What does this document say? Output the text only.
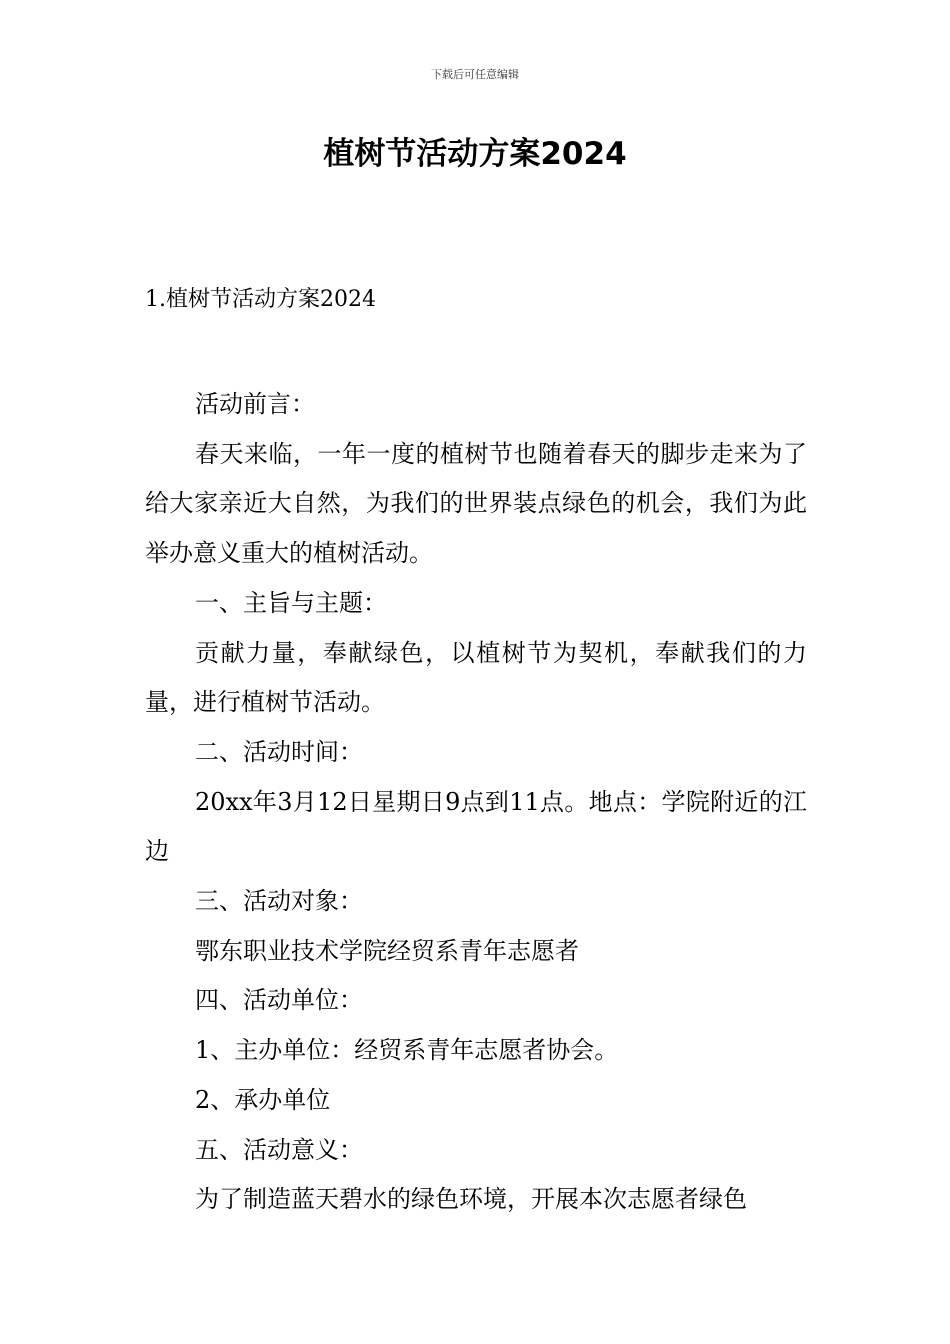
下载后可任意编辑
植树节活动方案2024
1.植树节活动方案2024

活动前言：

春天来临，一年一度的植树节也随着春天的脚步走来为了给大家亲近大自然，为我们的世界装点绿色的机会，我们为此举办意义重大的植树活动。

一、主旨与主题：

贡献力量，奉献绿色，以植树节为契机，奉献我们的力量，进行植树节活动。

二、活动时间：

20xx年3月12日星期日9点到11点。地点：学院附近的江边

三、活动对象：

鄂东职业技术学院经贸系青年志愿者

四、活动单位：

1、主办单位：经贸系青年志愿者协会。

2、承办单位

五、活动意义：

为了制造蓝天碧水的绿色环境，开展本次志愿者绿色
